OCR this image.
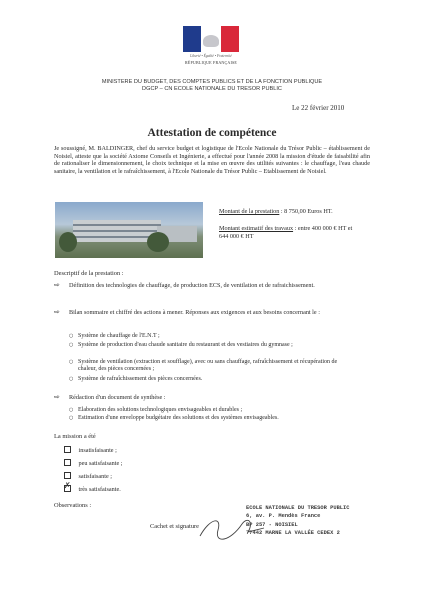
Liberté • Égalité • Fraternité
RÉPUBLIQUE FRANÇAISE
MINISTERE DU BUDGET, DES COMPTES PUBLICS ET DE LA FONCTION PUBLIQUE
DGCP – CN ECOLE NATIONALE DU TRESOR PUBLIC
Le 22 février 2010
Attestation de compétence
Je soussigné, M. BALDINGER, chef du service budget et logistique de l'Ecole Nationale du Trésor Public – établissement de Noisiel, atteste que la société Axiome Conseils et Ingénierie, a effectué pour l'année 2008 la mission d'étude de faisabilité afin de rationaliser le dimensionnement, le choix technique et la mise en œuvre des utilités suivantes : le chauffage, l'eau chaude sanitaire, la ventilation et le rafraîchissement, à l'Ecole Nationale du Trésor Public – Etablissement de Noisiel.
Montant de la prestation : 8 750,00 Euros HT.
Montant estimatif des travaux : entre 400 000 € HT et
644 000 € HT
Descriptif de la prestation :
⇨ Définition des technologies de chauffage, de production ECS, de ventilation et de rafraichissement.
⇨ Bilan sommaire et chiffré des actions à mener. Réponses aux exigences et aux besoins concernant le :
○ Système de chauffage de l'E.N.T ;
○ Système de production d'eau chaude sanitaire du restaurant et des vestiaires du gymnase ;
○ Système de ventilation (extraction et soufflage), avec ou sans chauffage, rafraîchissement et récupération de chaleur, des pièces concernées ;
○ Système de rafraîchissement des pièces concernées.
⇨ Rédaction d'un document de synthèse :
○ Elaboration des solutions technologiques envisageables et durables ;
○ Estimation d'une enveloppe budgétaire des solutions et des systèmes envisageables.
La mission a été
insatisfaisante ;
peu satisfaisante ;
satisfaisante ;
✗très satisfaisante.
Observations :
Cachet et signature
ECOLE NATIONALE DU TRESOR PUBLIC
6, av. P. Mendès France
BP 257 - NOISIEL
77442 MARNE LA VALLÉE CEDEX 2
